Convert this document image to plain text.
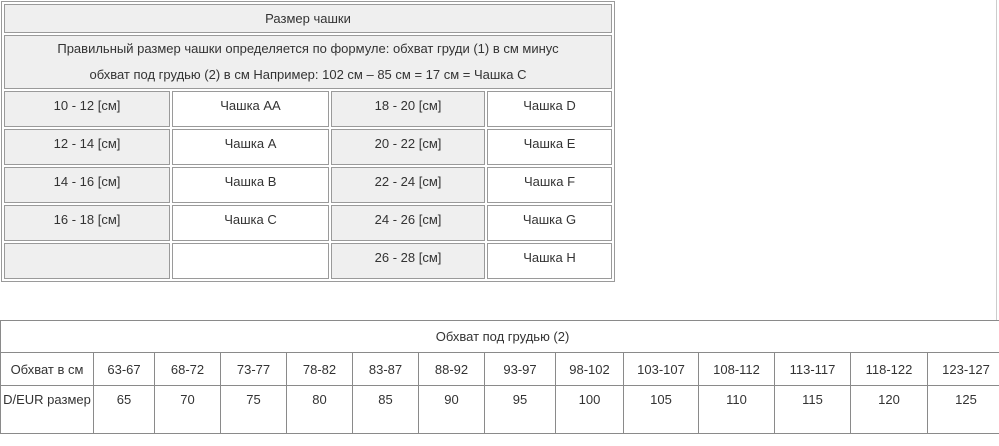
Размер чашки			

Правильный размер чашки определяется по формуле: обхват груди (1) в см минус
обхват под грудью (2) в см Например: 102 см – 85 см = 17 см = Чашка C			

10 - 12 [см]	Чашка AA	18 - 20 [см]	Чашка D
12 - 14 [см]	Чашка A	20 - 22 [см]	Чашка E
14 - 16 [см]	Чашка B	22 - 24 [см]	Чашка F
16 - 18 [см]	Чашка C	24 - 26 [см]	Чашка G
		26 - 28 [см]	Чашка H
Обхват под грудью (2)													
Обхват в см	63-67	68-72	73-77	78-82	83-87	88-92	93-97	98-102	103-107	108-112	113-117	118-122	123-127
D/EUR размер	65	70	75	80	85	90	95	100	105	110	115	120	125
